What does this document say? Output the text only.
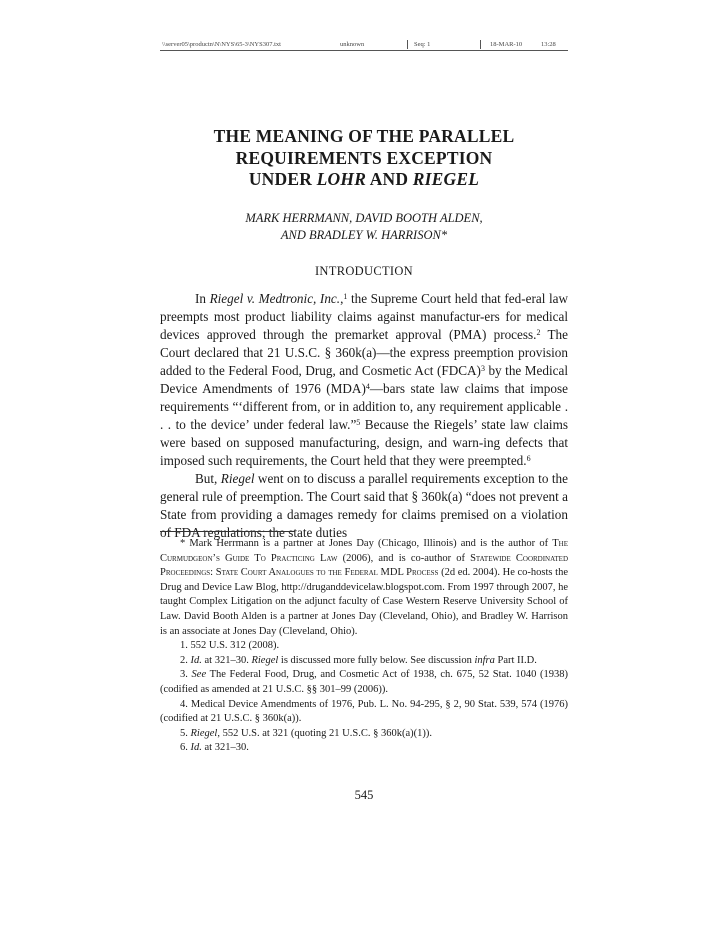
\\server05\productn\N\NYS\65-3\NYS307.txt	unknown	Seq: 1	18-MAR-10	13:28
THE MEANING OF THE PARALLEL
REQUIREMENTS EXCEPTION
UNDER LOHR AND RIEGEL
MARK HERRMANN, DAVID BOOTH ALDEN,
AND BRADLEY W. HARRISON*
INTRODUCTION

In Riegel v. Medtronic, Inc.,$^1$ the Supreme Court held that fed-eral law preempts most product liability claims against manufactur-ers for medical devices approved through the premarket approval (PMA) process.$^2$ The Court declared that 21 U.S.C. § 360k(a)—the express preemption provision added to the Federal Food, Drug, and Cosmetic Act (FDCA)$^3$ by the Medical Device Amendments of 1976 (MDA)$^4$—bars state law claims that impose requirements “‘different from, or in addition to, any requirement applicable . . . to the device’ under federal law.”$^5$ Because the Riegels’ state law claims were based on supposed manufacturing, design, and warn-ing defects that imposed such requirements, the Court held that they were preempted.$^6$

But, Riegel went on to discuss a parallel requirements exception to the general rule of preemption. The Court said that § 360k(a) “does not prevent a State from providing a damages remedy for claims premised on a violation of FDA regulations; the state duties

* Mark Herrmann is a partner at Jones Day (Chicago, Illinois) and is the author of The Curmudgeon’s Guide To Practicing Law (2006), and is co-author of Statewide Coordinated Proceedings: State Court Analogues to the Federal MDL Process (2d ed. 2004). He co-hosts the Drug and Device Law Blog, http://druganddevicelaw.blogspot.com. From 1997 through 2007, he taught Complex Litigation on the adjunct faculty of Case Western Reserve University School of Law. David Booth Alden is a partner at Jones Day (Cleveland, Ohio), and Bradley W. Harrison is an associate at Jones Day (Cleveland, Ohio).

1. 552 U.S. 312 (2008).

2. Id. at 321–30. Riegel is discussed more fully below. See discussion infra Part II.D.

3. See The Federal Food, Drug, and Cosmetic Act of 1938, ch. 675, 52 Stat. 1040 (1938) (codified as amended at 21 U.S.C. §§ 301–99 (2006)).

4. Medical Device Amendments of 1976, Pub. L. No. 94-295, § 2, 90 Stat. 539, 574 (1976) (codified at 21 U.S.C. § 360k(a)).

5. Riegel, 552 U.S. at 321 (quoting 21 U.S.C. § 360k(a)(1)).

6. Id. at 321–30.

545
